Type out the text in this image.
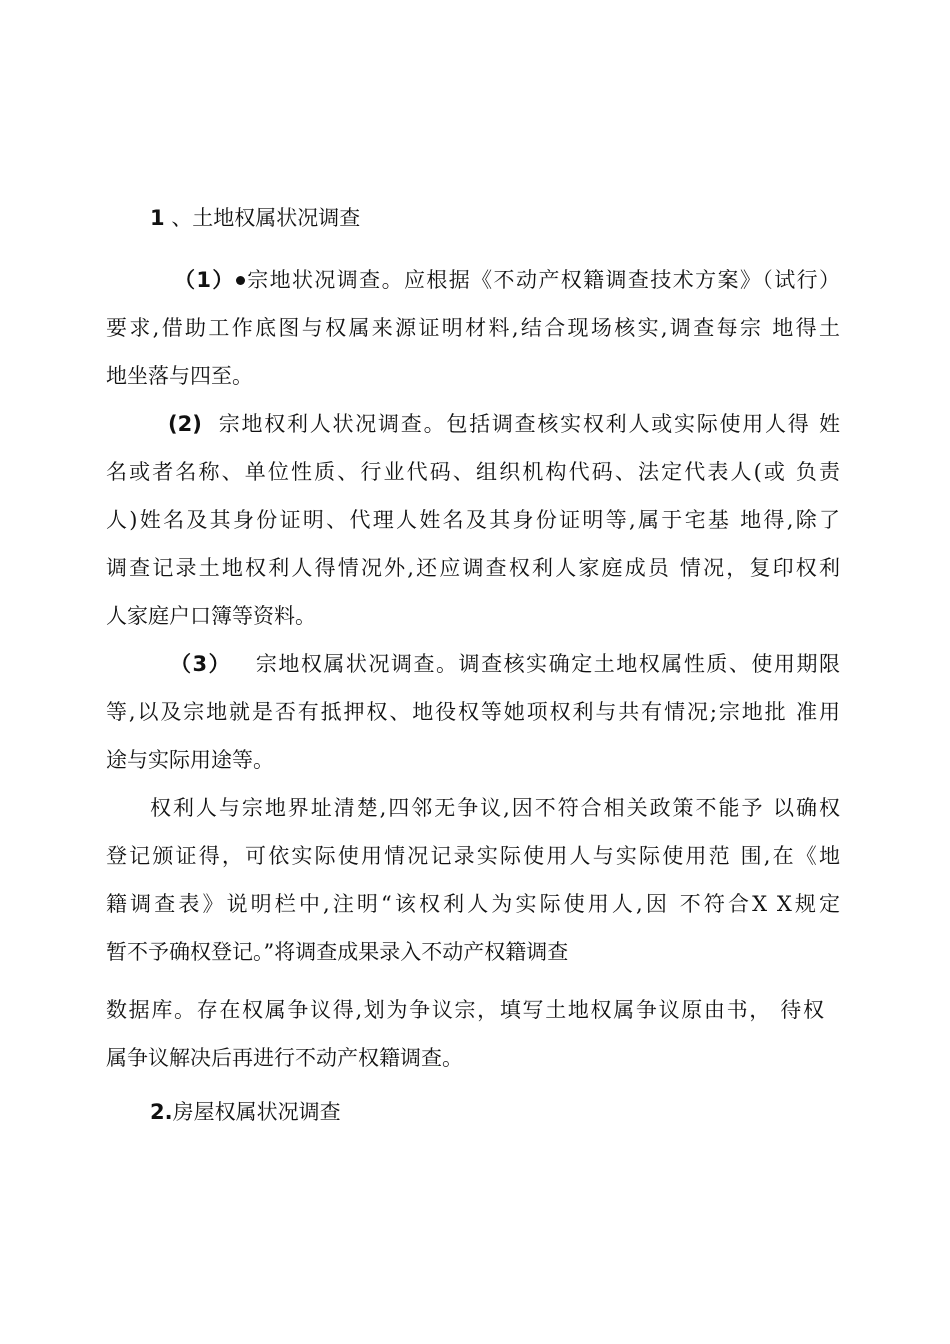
1 、土地权属状况调查
（1） 宗地状况调查。应根据《不动产权籍调查技术方案》（试行）
要求,借助工作底图与权属来源证明材料,结合现场核实,调查每宗 地得土
地坐落与四至。
(2) 宗地权利人状况调查。包括调查核实权利人或实际使用人得 姓
名或者名称、单位性质、行业代码、组织机构代码、法定代表人(或 负责
人)姓名及其身份证明、代理人姓名及其身份证明等,属于宅基 地得,除了
调查记录土地权利人得情况外,还应调查权利人家庭成员 情况，复印权利
人家庭户口簿等资料。
（3） 宗地权属状况调查。调查核实确定土地权属性质、使用期限
等,以及宗地就是否有抵押权、地役权等她项权利与共有情况;宗地批 准用
途与实际用途等。
权利人与宗地界址清楚,四邻无争议,因不符合相关政策不能予 以确权
登记颁证得，可依实际使用情况记录实际使用人与实际使用范 围,在《地
籍调查表》说明栏中,注明“该权利人为实际使用人,因 不符合X X规定
暂不予确权登记。”将调查成果录入不动产权籍调查
数据库。存在权属争议得,划为争议宗，填写土地权属争议原由书， 待权
属争议解决后再进行不动产权籍调查。
2.房屋权属状况调查
